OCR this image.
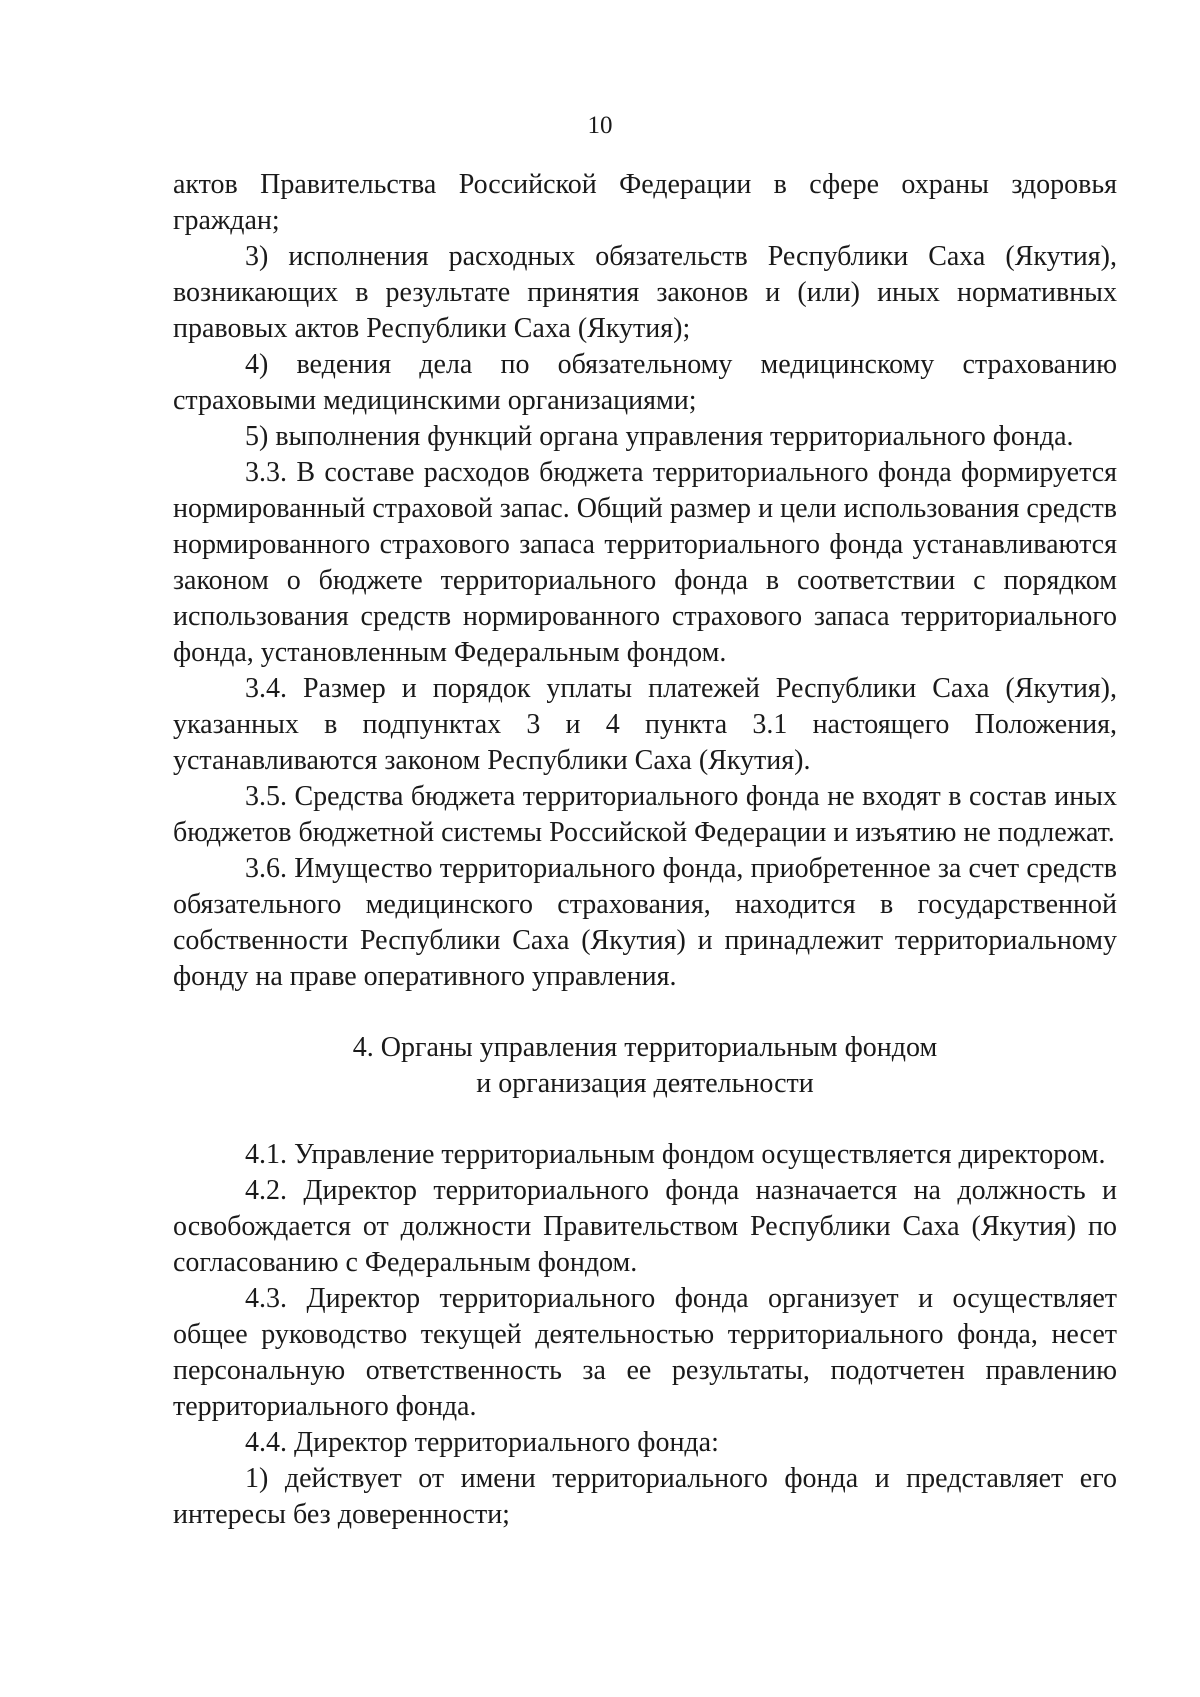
10

актов Правительства Российской Федерации в сфере охраны здоровья граждан;

3) исполнения расходных обязательств Республики Саха (Якутия), возникающих в результате принятия законов и (или) иных нормативных правовых актов Республики Саха (Якутия);

4) ведения дела по обязательному медицинскому страхованию страховыми медицинскими организациями;

5) выполнения функций органа управления территориального фонда.

3.3. В составе расходов бюджета территориального фонда формируется нормированный страховой запас. Общий размер и цели использования средств нормированного страхового запаса территориального фонда устанавливаются законом о бюджете территориального фонда в соответствии с порядком использования средств нормированного страхового запаса территориального фонда, установленным Федеральным фондом.

3.4. Размер и порядок уплаты платежей Республики Саха (Якутия), указанных в подпунктах 3 и 4 пункта 3.1 настоящего Положения, устанавливаются законом Республики Саха (Якутия).

3.5. Средства бюджета территориального фонда не входят в состав иных бюджетов бюджетной системы Российской Федерации и изъятию не подлежат.

3.6. Имущество территориального фонда, приобретенное за счет средств обязательного медицинского страхования, находится в государственной собственности Республики Саха (Якутия) и принадлежит территориальному фонду на праве оперативного управления.

4. Органы управления территориальным фондом
и организация деятельности

4.1. Управление территориальным фондом осуществляется директором.

4.2. Директор территориального фонда назначается на должность и освобождается от должности Правительством Республики Саха (Якутия) по согласованию с Федеральным фондом.

4.3. Директор территориального фонда организует и осуществляет общее руководство текущей деятельностью территориального фонда, несет персональную ответственность за ее результаты, подотчетен правлению территориального фонда.

4.4. Директор территориального фонда:

1) действует от имени территориального фонда и представляет его интересы без доверенности;
